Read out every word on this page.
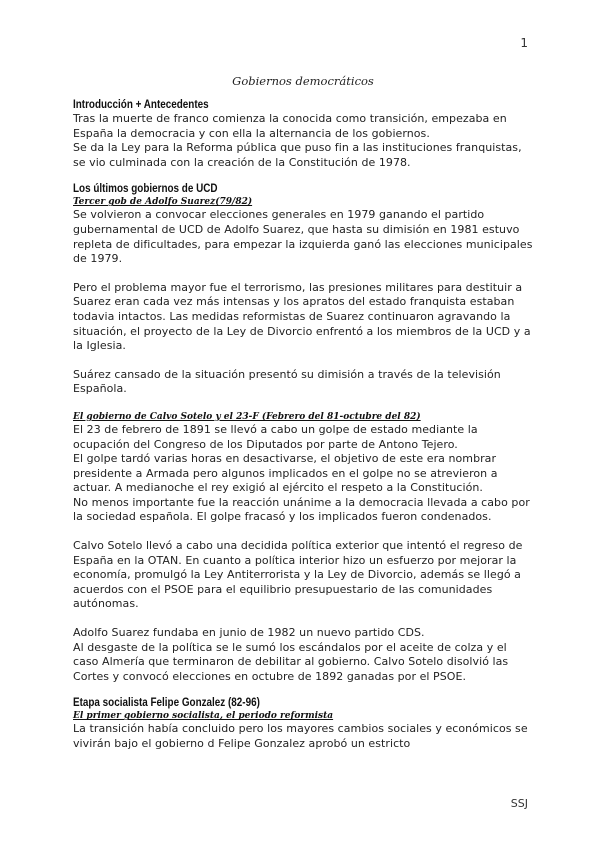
1
Gobiernos democráticos
Introducción + Antecedentes

Tras la muerte de franco comienza la conocida como transición, empezaba en España la democracia y con ella la alternancia de los gobiernos.

Se da la Ley para la Reforma pública que puso fin a las instituciones franquistas, se vio culminada con la creación de la Constitución de 1978.

Los últimos gobiernos de UCD
Tercer gob de Adolfo Suarez(79/82)

Se volvieron a convocar elecciones generales en 1979 ganando el partido gubernamental de UCD de Adolfo Suarez, que hasta su dimisión en 1981 estuvo repleta de dificultades, para empezar la izquierda ganó las elecciones municipales de 1979.

Pero el problema mayor fue el terrorismo, las presiones militares para destituir a Suarez eran cada vez más intensas y los apratos del estado franquista estaban todavia intactos. Las medidas reformistas de Suarez continuaron agravando la situación, el proyecto de la Ley de Divorcio enfrentó a los miembros de la UCD y a la Iglesia.

Suárez cansado de la situación presentó su dimisión a través de la televisión Española.

El gobierno de Calvo Sotelo y el 23-F (Febrero del 81-octubre del 82)

El 23 de febrero de 1891 se llevó a cabo un golpe de estado mediante la ocupación del Congreso de los Diputados por parte de Antono Tejero.

El golpe tardó varias horas en desactivarse, el objetivo de este era nombrar presidente a Armada pero algunos implicados en el golpe no se atrevieron a actuar. A medianoche el rey exigió al ejército el respeto a la Constitución.

No menos importante fue la reacción unánime a la democracia llevada a cabo por la sociedad española. El golpe fracasó y los implicados fueron condenados.

Calvo Sotelo llevó a cabo una decidida política exterior que intentó el regreso de España en la OTAN. En cuanto a política interior hizo un esfuerzo por mejorar la economía, promulgó la Ley Antiterrorista y la Ley de Divorcio, además se llegó a acuerdos con el PSOE para el equilibrio presupuestario de las comunidades autónomas.

Adolfo Suarez fundaba en junio de 1982 un nuevo partido CDS.

Al desgaste de la política se le sumó los escándalos por el aceite de colza y el caso Almería que terminaron de debilitar al gobierno. Calvo Sotelo disolvió las Cortes y convocó elecciones en octubre de 1892 ganadas por el PSOE.

Etapa socialista Felipe Gonzalez (82-96)
El primer gobierno socialista, el periodo reformista

La transición había concluido pero los mayores cambios sociales y económicos se vivirán bajo el gobierno d Felipe Gonzalez aprobó un estricto

SSJ
